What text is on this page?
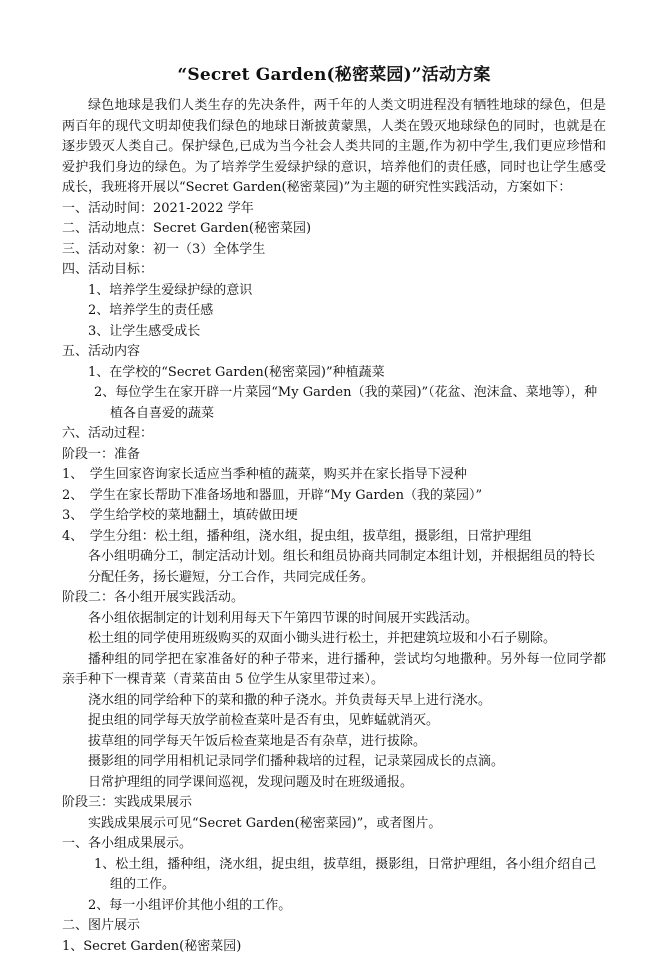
“Secret Garden(秘密菜园)”活动方案

绿色地球是我们人类生存的先决条件，两千年的人类文明进程没有牺牲地球的绿色，但是两百年的现代文明却使我们绿色的地球日渐披黄蒙黑，人类在毁灭地球绿色的同时，也就是在逐步毁灭人类自己。保护绿色,已成为当今社会人类共同的主题,作为初中学生,我们更应珍惜和爱护我们身边的绿色。为了培养学生爱绿护绿的意识，培养他们的责任感，同时也让学生感受成长，我班将开展以“Secret Garden(秘密菜园)”为主题的研究性实践活动，方案如下：

一、活动时间：2021-2022 学年

二、活动地点：Secret Garden(秘密菜园)

三、活动对象：初一（3）全体学生

四、活动目标：

1、培养学生爱绿护绿的意识

2、培养学生的责任感

3、让学生感受成长

五、活动内容

1、在学校的“Secret Garden(秘密菜园)”种植蔬菜

2、每位学生在家开辟一片菜园“My Garden（我的菜园)”（花盆、泡沫盒、菜地等），种植各自喜爱的蔬菜

六、活动过程：

阶段一：准备

1、　学生回家咨询家长适应当季种植的蔬菜，购买并在家长指导下浸种

2、　学生在家长帮助下准备场地和器皿，开辟“My Garden（我的菜园）”

3、　学生给学校的菜地翻土，填砖做田埂

4、　学生分组：松土组，播种组，浇水组，捉虫组，拔草组，摄影组，日常护理组

各小组明确分工，制定活动计划。组长和组员协商共同制定本组计划，并根据组员的特长分配任务，扬长避短，分工合作，共同完成任务。

阶段二：各小组开展实践活动。

各小组依据制定的计划利用每天下午第四节课的时间展开实践活动。

松土组的同学使用班级购买的双面小锄头进行松土，并把建筑垃圾和小石子剔除。

播种组的同学把在家准备好的种子带来，进行播种，尝试均匀地撒种。另外每一位同学都亲手种下一棵青菜（青菜苗由 5 位学生从家里带过来）。

浇水组的同学给种下的菜和撒的种子浇水。并负责每天早上进行浇水。

捉虫组的同学每天放学前检查菜叶是否有虫，见蚱蜢就消灭。

拔草组的同学每天午饭后检查菜地是否有杂草，进行拔除。

摄影组的同学用相机记录同学们播种栽培的过程，记录菜园成长的点滴。

日常护理组的同学课间巡视，发现问题及时在班级通报。

阶段三：实践成果展示

实践成果展示可见“Secret Garden(秘密菜园)”，或者图片。

一、各小组成果展示。

1、松土组，播种组，浇水组，捉虫组，拔草组，摄影组，日常护理组，各小组介绍自己组的工作。

2、每一小组评价其他小组的工作。

二、图片展示

1、Secret Garden(秘密菜园)
